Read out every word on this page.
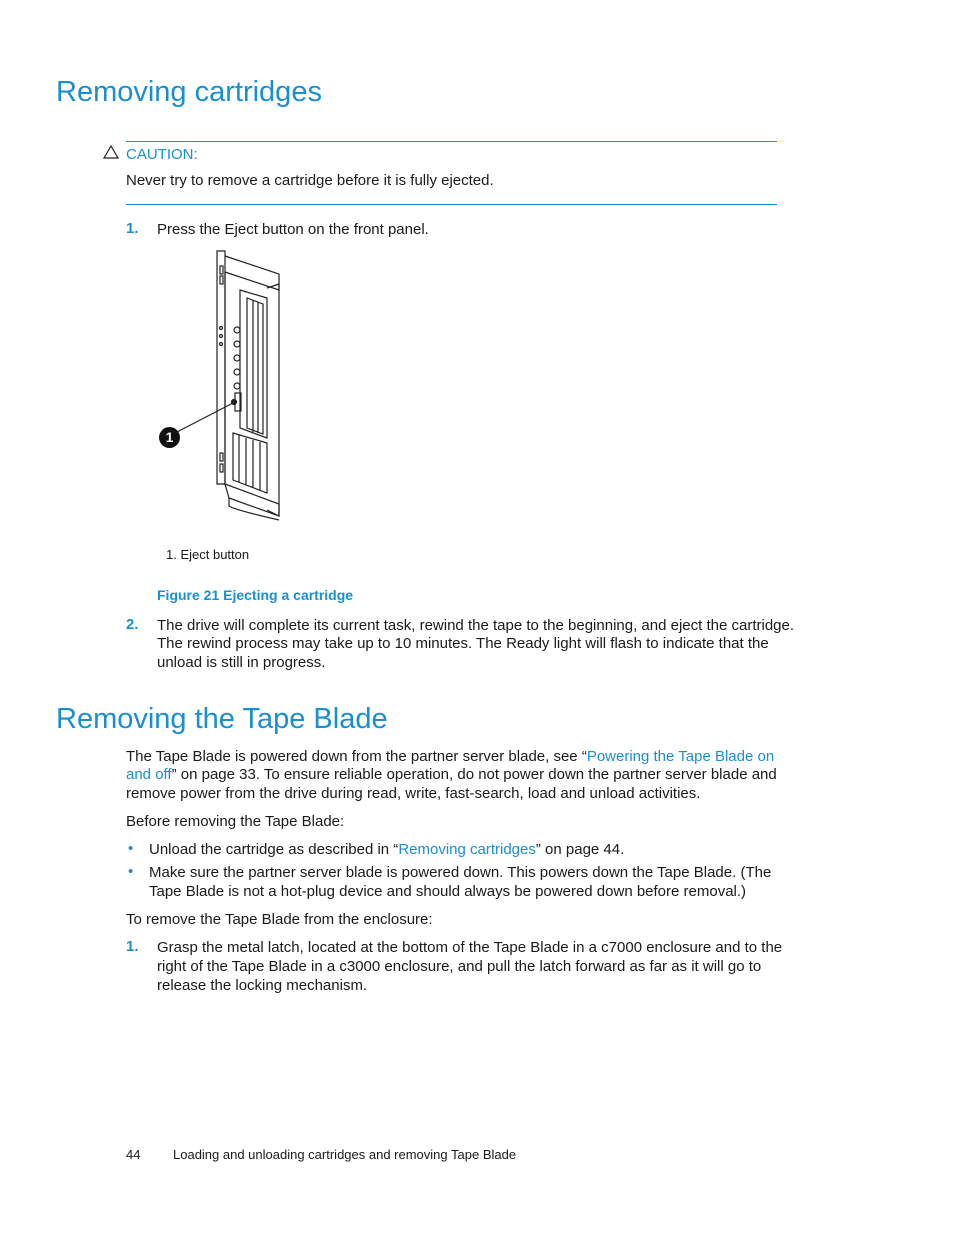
Removing cartridges
CAUTION:
Never try to remove a cartridge before it is fully ejected.
1. Press the Eject button on the front panel.
1
1. Eject button
Figure 21 Ejecting a cartridge
2. The drive will complete its current task, rewind the tape to the beginning, and eject the cartridge.
The rewind process may take up to 10 minutes. The Ready light will flash to indicate that the
unload is still in progress.
Removing the Tape Blade
The Tape Blade is powered down from the partner server blade, see “Powering the Tape Blade on
and off” on page 33. To ensure reliable operation, do not power down the partner server blade and
remove power from the drive during read, write, fast-search, load and unload activities.
Before removing the Tape Blade:
• Unload the cartridge as described in “Removing cartridges” on page 44.
• Make sure the partner server blade is powered down. This powers down the Tape Blade. (The
Tape Blade is not a hot-plug device and should always be powered down before removal.)
To remove the Tape Blade from the enclosure:
1. Grasp the metal latch, located at the bottom of the Tape Blade in a c7000 enclosure and to the
right of the Tape Blade in a c3000 enclosure, and pull the latch forward as far as it will go to
release the locking mechanism.
44	Loading and unloading cartridges and removing Tape Blade
